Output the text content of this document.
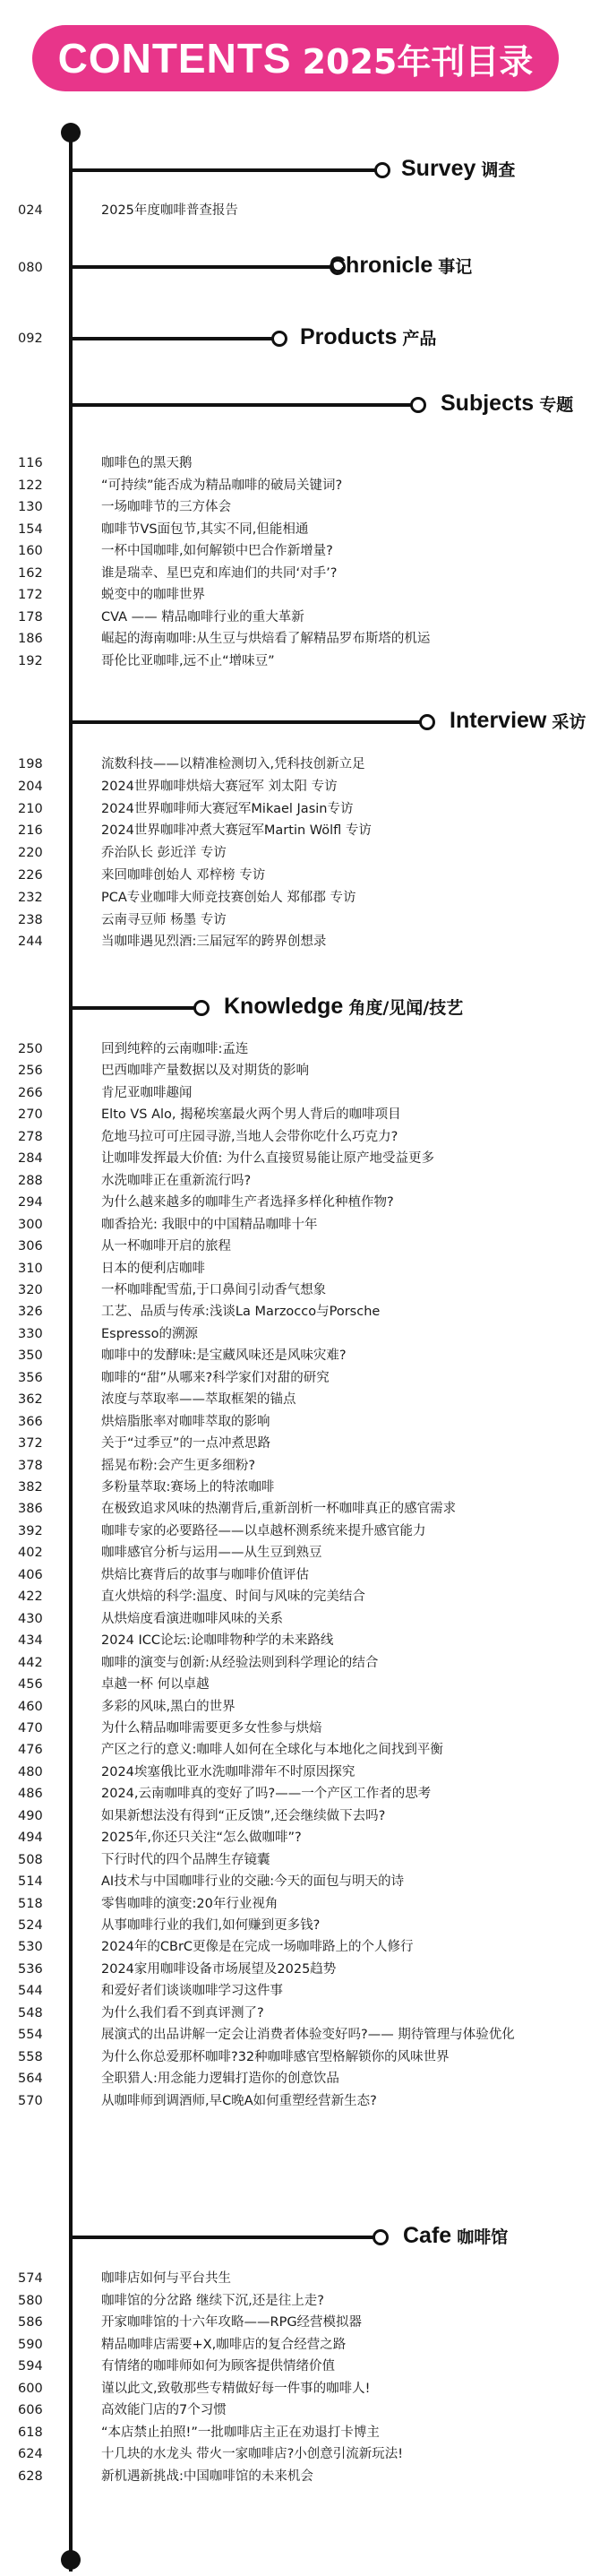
CONTENTS 2025年刊目录
Survey 调查
024	2025年度咖啡普查报告
Chronicle 事记
080
Products 产品
092
Subjects 专题
116	咖啡色的黑天鹅
122	“可持续”能否成为精品咖啡的破局关键词?
130	一场咖啡节的三方体会
154	咖啡节VS面包节,其实不同,但能相通
160	一杯中国咖啡,如何解锁中巴合作新增量?
162	谁是瑞幸、星巴克和库迪们的共同‘对手’?
172	蜕变中的咖啡世界
178	CVA —— 精品咖啡行业的重大革新
186	崛起的海南咖啡:从生豆与烘焙看了解精品罗布斯塔的机运
192	哥伦比亚咖啡,远不止“增味豆”
Interview 采访
198	流数科技——以精准检测切入,凭科技创新立足
204	2024世界咖啡烘焙大赛冠军 刘太阳 专访
210	2024世界咖啡师大赛冠军Mikael Jasin专访
216	2024世界咖啡冲煮大赛冠军Martin Wölfl 专访
220	乔治队长 彭近洋 专访
226	来回咖啡创始人 邓梓榜 专访
232	PCA专业咖啡大师竞技赛创始人 郑郁郡 专访
238	云南寻豆师 杨墨 专访
244	当咖啡遇见烈酒:三届冠军的跨界创想录
Knowledge 角度/见闻/技艺
250	回到纯粹的云南咖啡:孟连
256	巴西咖啡产量数据以及对期货的影响
266	肯尼亚咖啡趣闻
270	Elto VS Alo, 揭秘埃塞最火两个男人背后的咖啡项目
278	危地马拉可可庄园寻游,当地人会带你吃什么巧克力?
284	让咖啡发挥最大价值: 为什么直接贸易能让原产地受益更多
288	水洗咖啡正在重新流行吗?
294	为什么越来越多的咖啡生产者选择多样化种植作物?
300	咖香拾光: 我眼中的中国精品咖啡十年
306	从一杯咖啡开启的旅程
310	日本的便利店咖啡
320	一杯咖啡配雪茄,于口鼻间引动香气想象
326	工艺、品质与传承:浅谈La Marzocco与Porsche
330	Espresso的溯源
350	咖啡中的发酵味:是宝藏风味还是风味灾难?
356	咖啡的“甜”从哪来?科学家们对甜的研究
362	浓度与萃取率——萃取框架的锚点
366	烘焙脂胀率对咖啡萃取的影响
372	关于“过季豆”的一点冲煮思路
378	摇晃布粉:会产生更多细粉?
382	多粉量萃取:赛场上的特浓咖啡
386	在极致追求风味的热潮背后,重新剖析一杯咖啡真正的感官需求
392	咖啡专家的必要路径——以卓越杯测系统来提升感官能力
402	咖啡感官分析与运用——从生豆到熟豆
406	烘焙比赛背后的故事与咖啡价值评估
422	直火烘焙的科学:温度、时间与风味的完美结合
430	从烘焙度看演进咖啡风味的关系
434	2024 ICC论坛:论咖啡物种学的未来路线
442	咖啡的演变与创新:从经验法则到科学理论的结合
456	卓越一杯 何以卓越
460	多彩的风味,黑白的世界
470	为什么精品咖啡需要更多女性参与烘焙
476	产区之行的意义:咖啡人如何在全球化与本地化之间找到平衡
480	2024埃塞俄比亚水洗咖啡滞年不时原因探究
486	2024,云南咖啡真的变好了吗?——一个产区工作者的思考
490	如果新想法没有得到“正反馈”,还会继续做下去吗?
494	2025年,你还只关注“怎么做咖啡”?
508	下行时代的四个品牌生存镜囊
514	AI技术与中国咖啡行业的交融:今天的面包与明天的诗
518	零售咖啡的演变:20年行业视角
524	从事咖啡行业的我们,如何赚到更多钱?
530	2024年的CBrC更像是在完成一场咖啡路上的个人修行
536	2024家用咖啡设备市场展望及2025趋势
544	和爱好者们谈谈咖啡学习这件事
548	为什么我们看不到真评测了?
554	展演式的出品讲解一定会让消费者体验变好吗?—— 期待管理与体验优化
558	为什么你总爱那杯咖啡?32种咖啡感官型格解锁你的风味世界
564	全职猎人:用念能力逻辑打造你的创意饮品
570	从咖啡师到调酒师,早C晚A如何重塑经营新生态?
Cafe 咖啡馆
574	咖啡店如何与平台共生
580	咖啡馆的分岔路 继续下沉,还是往上走?
586	开家咖啡馆的十六年攻略——RPG经营模拟器
590	精品咖啡店需要+X,咖啡店的复合经营之路
594	有情绪的咖啡师如何为顾客提供情绪价值
600	谨以此文,致敬那些专精做好每一件事的咖啡人!
606	高效能门店的7个习惯
618	“本店禁止拍照!”一批咖啡店主正在劝退打卡博主
624	十几块的水龙头 带火一家咖啡店?小创意引流新玩法!
628	新机遇新挑战:中国咖啡馆的未来机会
